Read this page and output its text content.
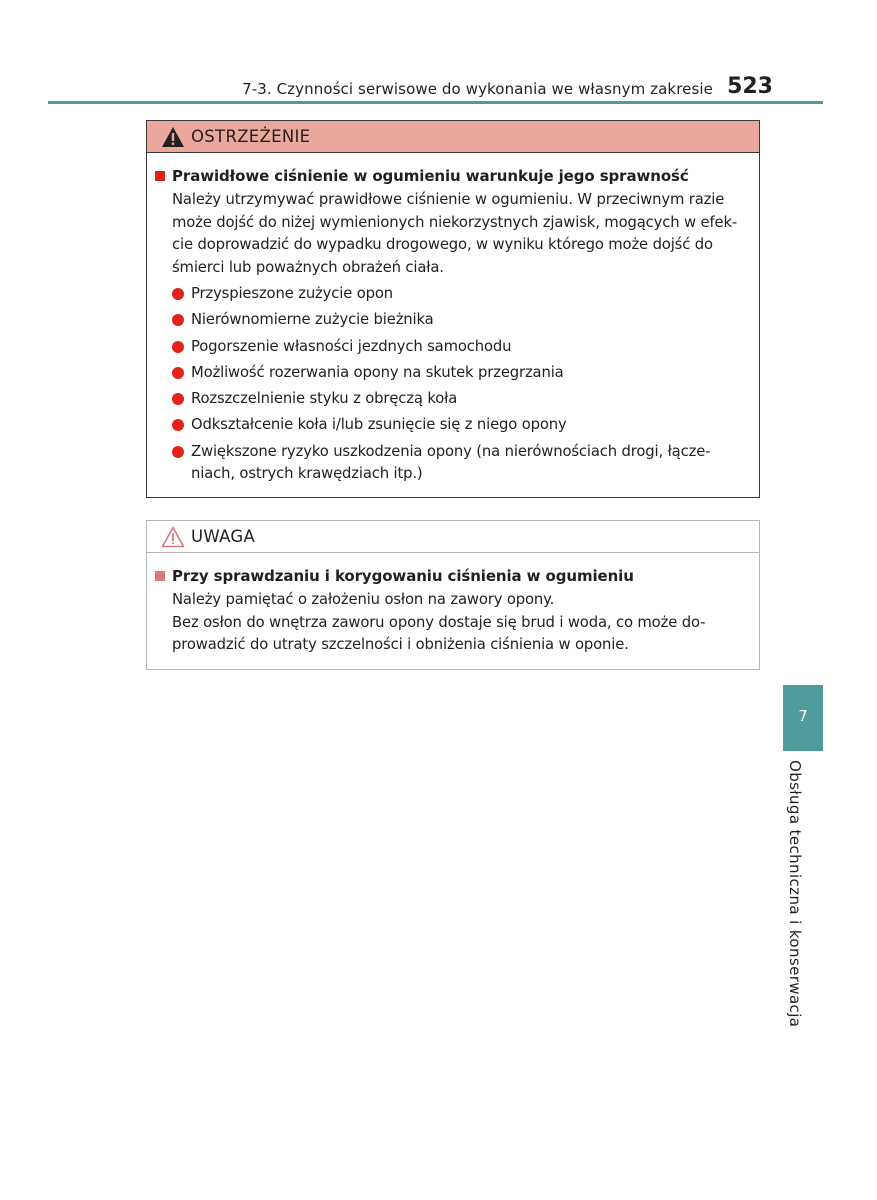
7-3. Czynności serwisowe do wykonania we własnym zakresie 523
OSTRZEŻENIE
Prawidłowe ciśnienie w ogumieniu warunkuje jego sprawność
Należy utrzymywać prawidłowe ciśnienie w ogumieniu. W przeciwnym razie
może dojść do niżej wymienionych niekorzystnych zjawisk, mogących w efek-
cie doprowadzić do wypadku drogowego, w wyniku którego może dojść do
śmierci lub poważnych obrażeń ciała.
Przyspieszone zużycie opon
Nierównomierne zużycie bieżnika
Pogorszenie własności jezdnych samochodu
Możliwość rozerwania opony na skutek przegrzania
Rozszczelnienie styku z obręczą koła
Odkształcenie koła i/lub zsunięcie się z niego opony
Zwiększone ryzyko uszkodzenia opony (na nierównościach drogi, łącze-
niach, ostrych krawędziach itp.)
UWAGA
Przy sprawdzaniu i korygowaniu ciśnienia w ogumieniu
Należy pamiętać o założeniu osłon na zawory opony.
Bez osłon do wnętrza zaworu opony dostaje się brud i woda, co może do-
prowadzić do utraty szczelności i obniżenia ciśnienia w oponie.
7
Obsługa techniczna i konserwacja
